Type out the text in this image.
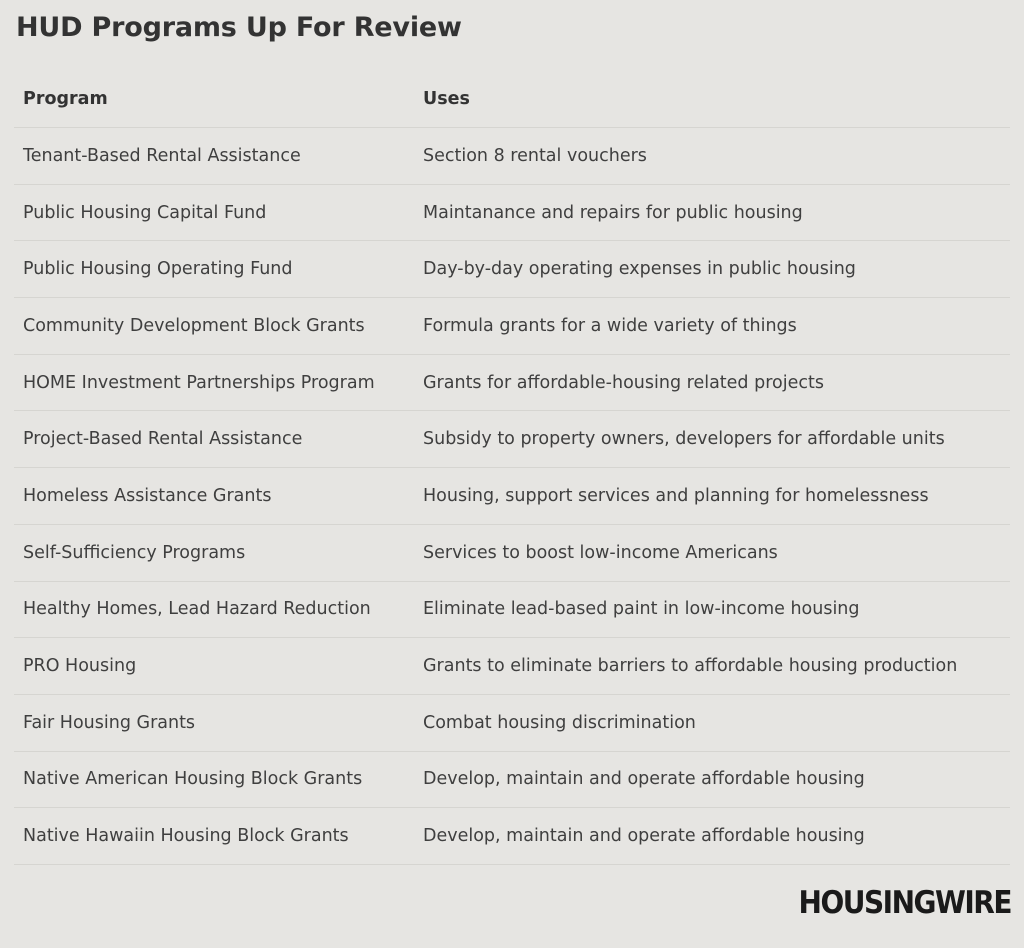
HUD Programs Up For Review
Program	Uses
Tenant-Based Rental Assistance	Section 8 rental vouchers
Public Housing Capital Fund	Maintanance and repairs for public housing
Public Housing Operating Fund	Day-by-day operating expenses in public housing
Community Development Block Grants	Formula grants for a wide variety of things
HOME Investment Partnerships Program	Grants for affordable-housing related projects
Project-Based Rental Assistance	Subsidy to property owners, developers for affordable units
Homeless Assistance Grants	Housing, support services and planning for homelessness
Self-Sufficiency Programs	Services to boost low-income Americans
Healthy Homes, Lead Hazard Reduction	Eliminate lead-based paint in low-income housing
PRO Housing	Grants to eliminate barriers to affordable housing production
Fair Housing Grants	Combat housing discrimination
Native American Housing Block Grants	Develop, maintain and operate affordable housing
Native Hawaiin Housing Block Grants	Develop, maintain and operate affordable housing
HOUSINGWIRE
